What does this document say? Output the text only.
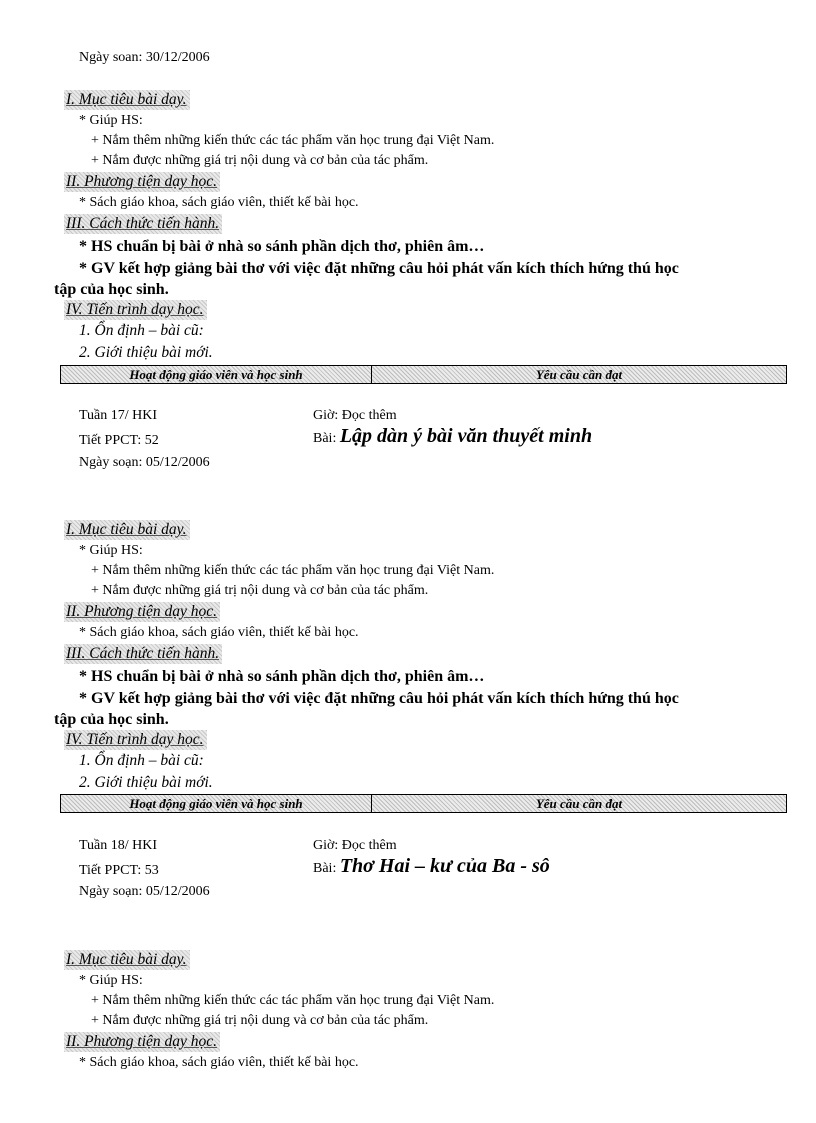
Ngày soan: 30/12/2006
I. Mục tiêu bài dạy.
* Giúp HS:
+ Nắm thêm những kiến thức các tác phẩm văn học trung đại Việt Nam.
+ Nắm được những giá trị nội dung và cơ bản của tác phẩm.
II. Phương tiện dạy học.
* Sách giáo khoa, sách giáo viên, thiết kế bài học.
III. Cách thức tiến hành.
* HS chuẩn bị bài ở nhà so sánh phần dịch thơ, phiên âm…
* GV kết hợp giảng bài thơ với việc đặt những câu hỏi phát vấn kích thích hứng thú học
tập của học sinh.
IV. Tiến trình dạy học.
1. Ổn định – bài cũ:
2. Giới thiệu bài mới.
Hoạt động giáo viên và học sinh	Yêu cầu cần đạt
Tuần 17/ HKI	Giờ: Đọc thêm
Tiết PPCT: 52	Bài: Lập dàn ý bài văn thuyết minh
Ngày soạn: 05/12/2006
I. Mục tiêu bài dạy.
* Giúp HS:
+ Nắm thêm những kiến thức các tác phẩm văn học trung đại Việt Nam.
+ Nắm được những giá trị nội dung và cơ bản của tác phẩm.
II. Phương tiện dạy học.
* Sách giáo khoa, sách giáo viên, thiết kế bài học.
III. Cách thức tiến hành.
* HS chuẩn bị bài ở nhà so sánh phần dịch thơ, phiên âm…
* GV kết hợp giảng bài thơ với việc đặt những câu hỏi phát vấn kích thích hứng thú học
tập của học sinh.
IV. Tiến trình dạy học.
1. Ổn định – bài cũ:
2. Giới thiệu bài mới.
Hoạt động giáo viên và học sinh	Yêu cầu cần đạt
Tuần 18/ HKI	Giờ: Đọc thêm
Tiết PPCT: 53	Bài: Thơ Hai – kư của Ba - sô
Ngày soạn: 05/12/2006
I. Mục tiêu bài dạy.
* Giúp HS:
+ Nắm thêm những kiến thức các tác phẩm văn học trung đại Việt Nam.
+ Nắm được những giá trị nội dung và cơ bản của tác phẩm.
II. Phương tiện dạy học.
* Sách giáo khoa, sách giáo viên, thiết kế bài học.
